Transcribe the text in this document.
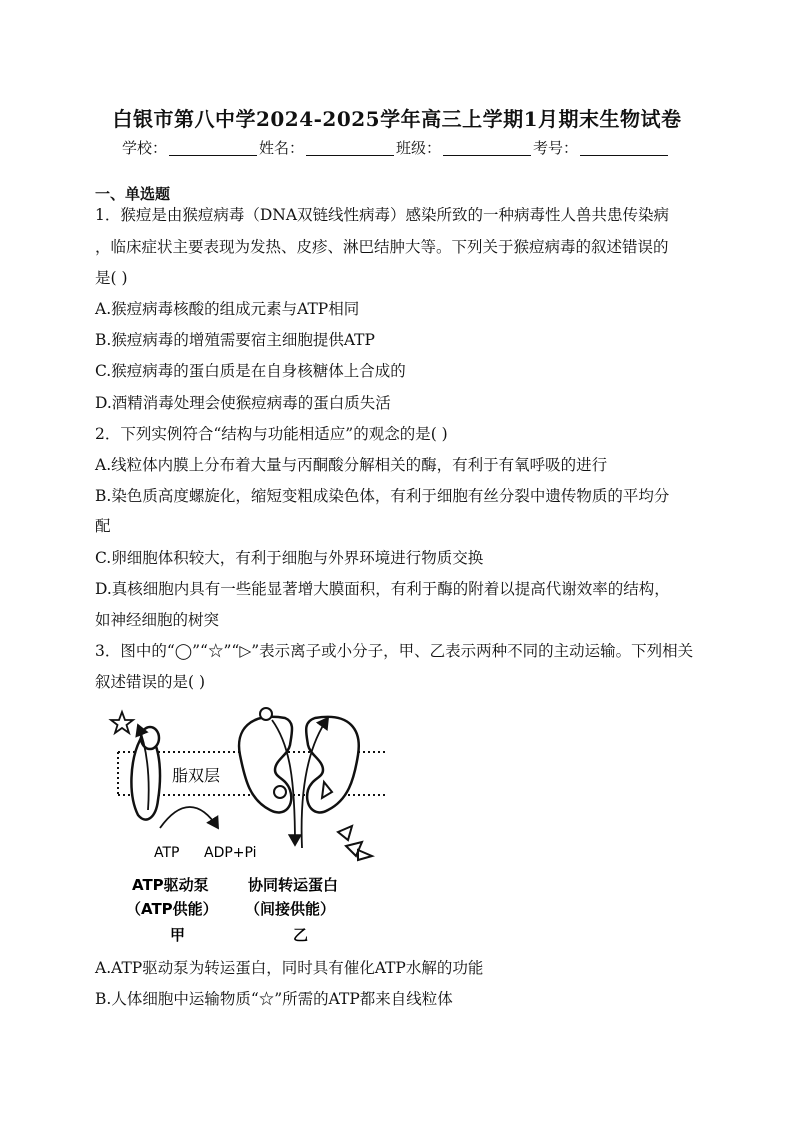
白银市第八中学2024-2025学年高三上学期1月期末生物试卷
学校：	姓名：	班级：	考号：
一、单选题
1．猴痘是由猴痘病毒（DNA双链线性病毒）感染所致的一种病毒性人兽共患传染病
，临床症状主要表现为发热、皮疹、淋巴结肿大等。下列关于猴痘病毒的叙述错误的
是( )
A.猴痘病毒核酸的组成元素与ATP相同
B.猴痘病毒的增殖需要宿主细胞提供ATP
C.猴痘病毒的蛋白质是在自身核糖体上合成的
D.酒精消毒处理会使猴痘病毒的蛋白质失活
2．下列实例符合“结构与功能相适应”的观念的是( )
A.线粒体内膜上分布着大量与丙酮酸分解相关的酶，有利于有氧呼吸的进行
B.染色质高度螺旋化，缩短变粗成染色体，有利于细胞有丝分裂中遗传物质的平均分
配
C.卵细胞体积较大，有利于细胞与外界环境进行物质交换
D.真核细胞内具有一些能显著增大膜面积，有利于酶的附着以提高代谢效率的结构，
如神经细胞的树突
3．图中的“◯”“☆”“▷”表示离子或小分子，甲、乙表示两种不同的主动运输。下列相关
叙述错误的是( )
脂双层
ATP ADP+Pi
ATP驱动泵
（ATP供能）
甲
协同转运蛋白
（间接供能）
乙
A.ATP驱动泵为转运蛋白，同时具有催化ATP水解的功能
B.人体细胞中运输物质“☆”所需的ATP都来自线粒体
